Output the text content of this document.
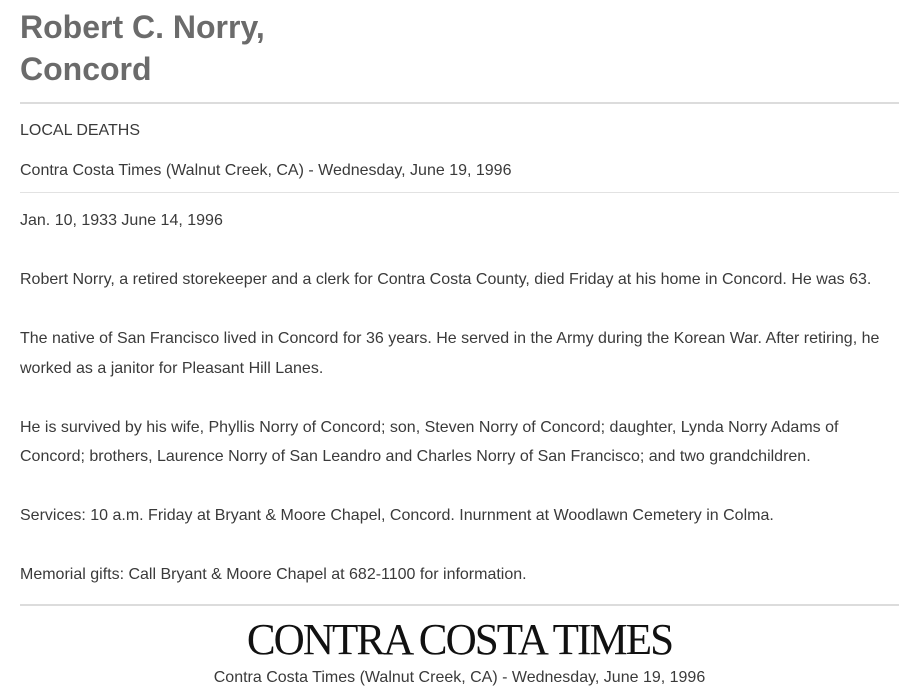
Robert C. Norry,
Concord
LOCAL DEATHS
Contra Costa Times (Walnut Creek, CA) - Wednesday, June 19, 1996

Jan. 10, 1933 June 14, 1996

Robert Norry, a retired storekeeper and a clerk for Contra Costa County, died Friday at his home in Concord. He was 63.

The native of San Francisco lived in Concord for 36 years. He served in the Army during the Korean War. After retiring, he worked as a janitor for Pleasant Hill Lanes.

He is survived by his wife, Phyllis Norry of Concord; son, Steven Norry of Concord; daughter, Lynda Norry Adams of Concord; brothers, Laurence Norry of San Leandro and Charles Norry of San Francisco; and two grandchildren.

Services: 10 a.m. Friday at Bryant & Moore Chapel, Concord. Inurnment at Woodlawn Cemetery in Colma.

Memorial gifts: Call Bryant & Moore Chapel at 682-1100 for information.

CONTRA COSTA TIMES
Contra Costa Times (Walnut Creek, CA) - Wednesday, June 19, 1996
